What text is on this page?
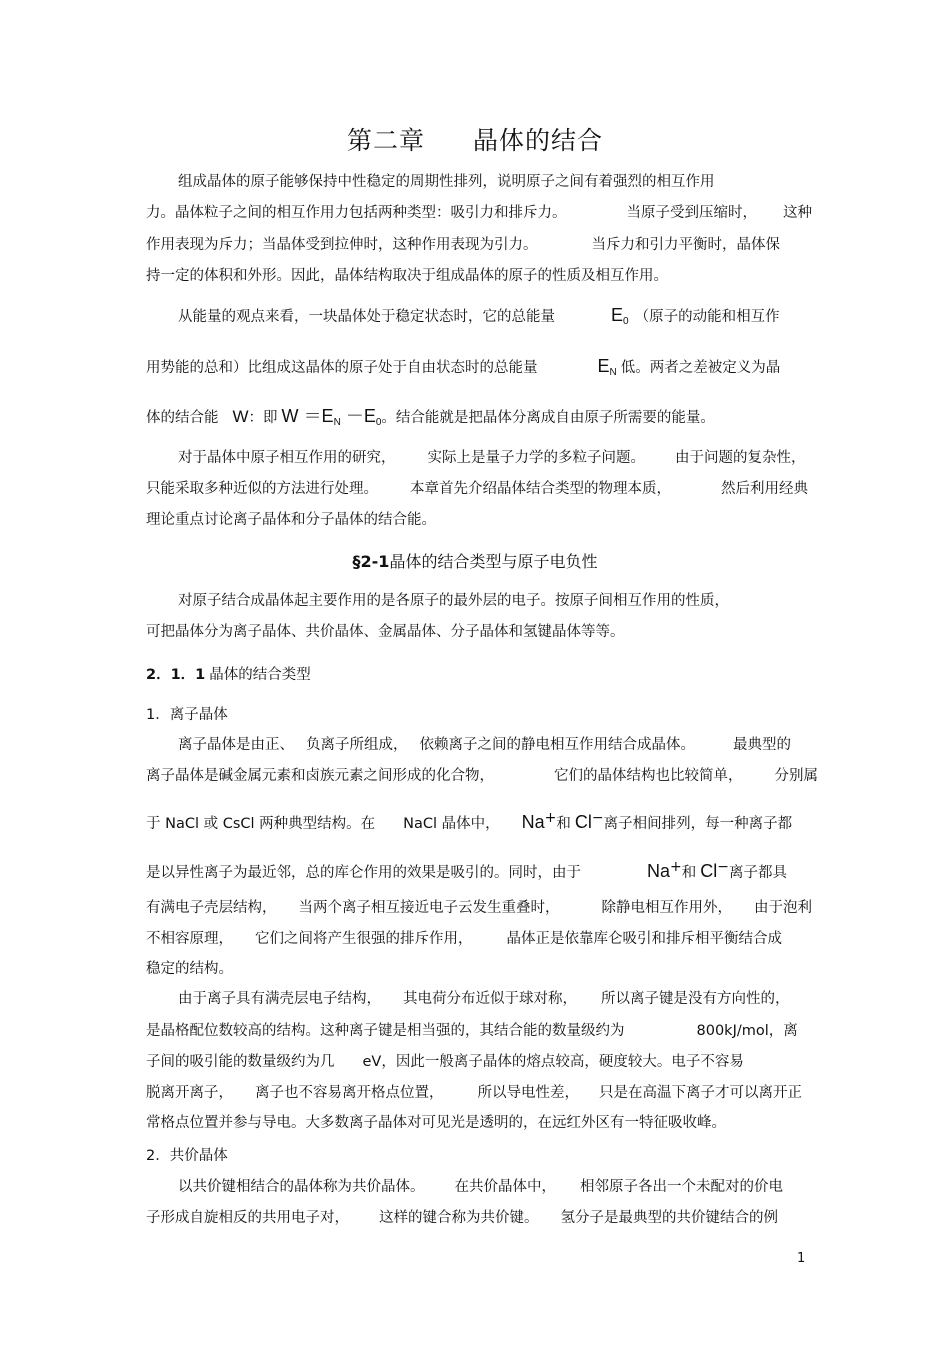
第二章 晶体的结合
组成晶体的原子能够保持中性稳定的周期性排列，说明原子之间有着强烈的相互作用
力。晶体粒子之间的相互作用力包括两种类型：吸引力和排斥力。	当原子受到压缩时， 这种
作用表现为斥力；当晶体受到拉伸时，这种作用表现为引力。	当斥力和引力平衡时，晶体保
持一定的体积和外形。因此，晶体结构取决于组成晶体的原子的性质及相互作用。
从能量的观点来看，一块晶体处于稳定状态时，它的总能量	$E_0$ （原子的动能和相互作
用势能的总和）比组成这晶体的原子处于自由状态时的总能量	$E_N$ 低。两者之差被定义为晶
体的结合能 W：即 $W =E_N -E_0$。结合能就是把晶体分离成自由原子所需要的能量。
对于晶体中原子相互作用的研究， 实际上是量子力学的多粒子问题。 由于问题的复杂性，
只能采取多种近似的方法进行处理。 本章首先介绍晶体结合类型的物理本质，	然后利用经典
理论重点讨论离子晶体和分子晶体的结合能。
§2-1晶体的结合类型与原子电负性
对原子结合成晶体起主要作用的是各原子的最外层的电子。按原子间相互作用的性质，
可把晶体分为离子晶体、共价晶体、金属晶体、分子晶体和氢键晶体等等。
2．1．1 晶体的结合类型
1．离子晶体
离子晶体是由正、 负离子所组成， 依赖离子之间的静电相互作用结合成晶体。	最典型的
离子晶体是碱金属元素和卤族元素之间形成的化合物，	它们的晶体结构也比较简单， 分别属
于 NaCl 或 CsCl 两种典型结构。在 NaCl 晶体中， Na+和 Cl−离子相间排列，每一种离子都
是以异性离子为最近邻，总的库仑作用的效果是吸引的。同时，由于	Na+和 Cl−离子都具
有满电子壳层结构， 当两个离子相互接近电子云发生重叠时，	除静电相互作用外， 由于泡利
不相容原理， 它们之间将产生很强的排斥作用， 晶体正是依靠库仑吸引和排斥相平衡结合成
稳定的结构。
由于离子具有满壳层电子结构， 其电荷分布近似于球对称， 所以离子键是没有方向性的，
是晶格配位数较高的结构。这种离子键是相当强的，其结合能的数量级约为	800kJ/mol，离
子间的吸引能的数量级约为几 eV，因此一般离子晶体的熔点较高，硬度较大。电子不容易
脱离开离子， 离子也不容易离开格点位置， 所以导电性差， 只是在高温下离子才可以离开正
常格点位置并参与导电。大多数离子晶体对可见光是透明的，在远红外区有一特征吸收峰。
2．共价晶体
以共价键相结合的晶体称为共价晶体。 在共价晶体中， 相邻原子各出一个未配对的价电
子形成自旋相反的共用电子对， 这样的键合称为共价键。 氢分子是最典型的共价键结合的例
1
